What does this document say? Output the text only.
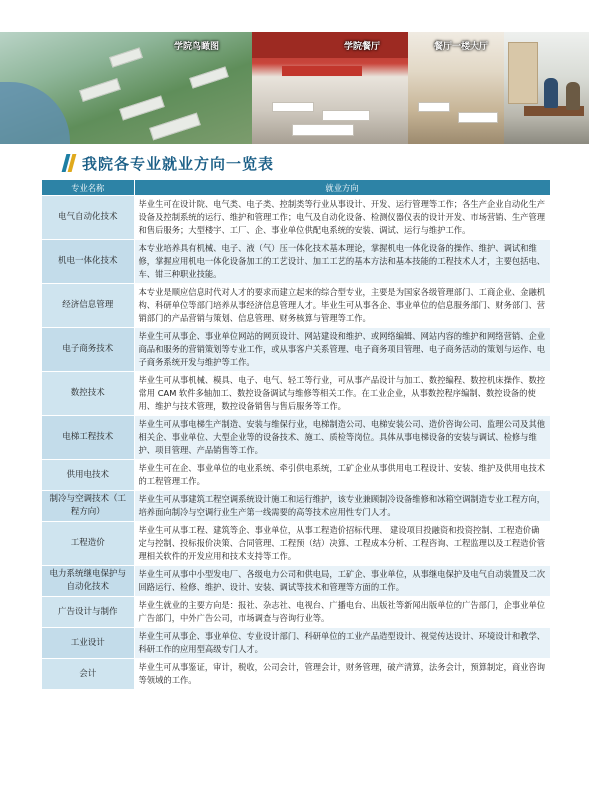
学院鸟瞰图	学院餐厅	餐厅一楼大厅
我院各专业就业方向一览表
专业名称	就业方向
电气自动化技术	毕业生可在设计院、电气类、电子类、控制类等行业从事设计、开发、运行管理等工作；各生产企业自动化生产设备及控制系统的运行、维护和管理工作；电气及自动化设备、检测仪器仪表的设计开发、市场营销、生产管理和售后服务；大型楼宇、工厂、企、事业单位供配电系统的安装、调试、运行与维护工作。
机电一体化技术	本专业培养具有机械、电子、液（气）压一体化技术基本理论，掌握机电一体化设备的操作、维护、调试和维修，掌握应用机电一体化设备加工的工艺设计、加工工艺的基本方法和基本技能的工程技术人才，主要包括电、车、钳三种职业技能。
经济信息管理	本专业是顺应信息时代对人才的要求而建立起来的综合型专业，主要是为国家各级管理部门、工商企业、金融机构、科研单位等部门培养从事经济信息管理人才。毕业生可从事各企、事业单位的信息服务部门、财务部门、营销部门的产品营销与策划、信息管理、财务核算与管理等工作。
电子商务技术	毕业生可从事企、事业单位网站的网页设计、网站建设和维护、或网络编辑、网站内容的维护和网络营销、企业商品和服务的营销策划等专业工作，或从事客户关系管理、电子商务项目管理、电子商务活动的策划与运作、电子商务系统开发与维护等工作。
数控技术	毕业生可从事机械、模具、电子、电气、轻工等行业，可从事产品设计与加工、数控编程、数控机床操作、数控常用 CAM 软件多轴加工、数控设备调试与维修等相关工作。在工业企业，从事数控程序编制、数控设备的使用、维护与技术管理，数控设备销售与售后服务等工作。
电梯工程技术	毕业生可从事电梯生产制造、安装与维保行业，电梯制造公司、电梯安装公司、造价咨询公司、监理公司及其他相关企、事业单位、大型企业等的设备技术、施工、质检等岗位。具体从事电梯设备的安装与调试、检修与维护、项目管理、产品销售等工作。
供用电技术	毕业生可在企、事业单位的电业系统、牵引供电系统，工矿企业从事供用电工程设计、安装、维护及供用电技术的工程管理工作。
制冷与空调技术（工程方向）	毕业生可从事建筑工程空调系统设计施工和运行维护，该专业兼顾制冷设备维修和冰箱空调制造专业工程方向，培养面向制冷与空调行业生产第一线需要的高等技术应用性专门人才。
工程造价	毕业生可从事工程、建筑等企、事业单位，从事工程造价招标代理、 建设项目投融资和投资控制、工程造价确定与控制、投标报价决策、合同管理、工程预（结）决算、工程成本分析、工程咨询、工程监理以及工程造价管理相关软件的开发应用和技术支持等工作。
电力系统继电保护与自动化技术	毕业生可从事中小型发电厂、各级电力公司和供电局，工矿企、事业单位，从事继电保护及电气自动装置及二次回路运行、检修、维护、设计、安装、调试等技术和管理等方面的工作。
广告设计与制作	毕业生就业的主要方向是：报社、杂志社、电视台、广播电台、出版社等新闻出版单位的广告部门，企事业单位广告部门，中外广告公司，市场调查与咨询行业等。
工业设计	毕业生可从事企、事业单位、专业设计部门、科研单位的工业产品造型设计、视觉传达设计、环境设计和教学、科研工作的应用型高级专门人才。
会计	毕业生可从事鉴证，审计，税收，公司会计，管理会计，财务管理，破产清算，法务会计，预算制定，商业咨询等领域的工作。
